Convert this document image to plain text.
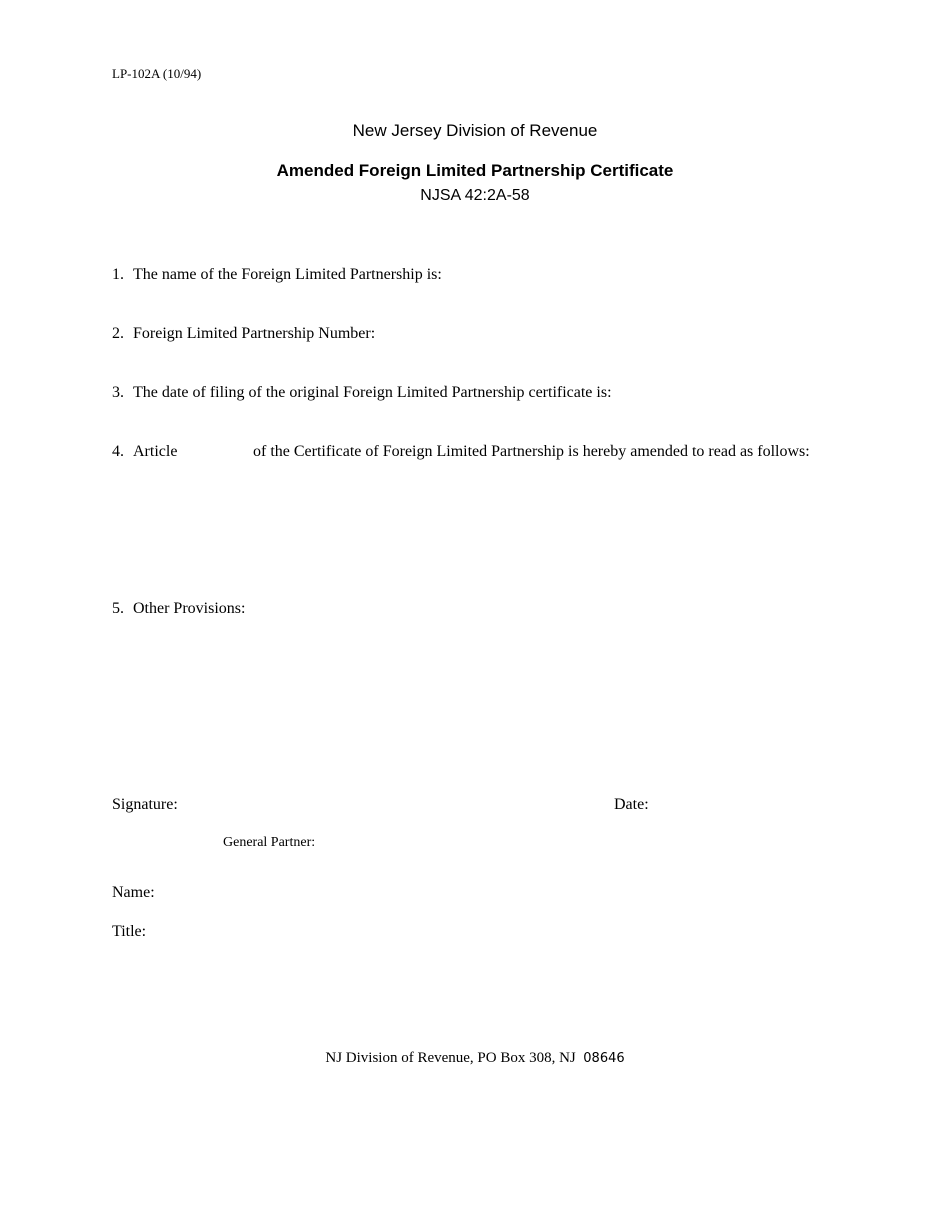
LP-102A (10/94)
New Jersey Division of Revenue
Amended Foreign Limited Partnership Certificate
NJSA 42:2A-58
1. The name of the Foreign Limited Partnership is:
2. Foreign Limited Partnership Number:
3. The date of filing of the original Foreign Limited Partnership certificate is:
4. Article	of the Certificate of Foreign Limited Partnership is hereby amended to read as follows:
5. Other Provisions:
Signature:	Date:
General Partner:
Name:
Title:
NJ Division of Revenue, PO Box 308, NJ 08646
